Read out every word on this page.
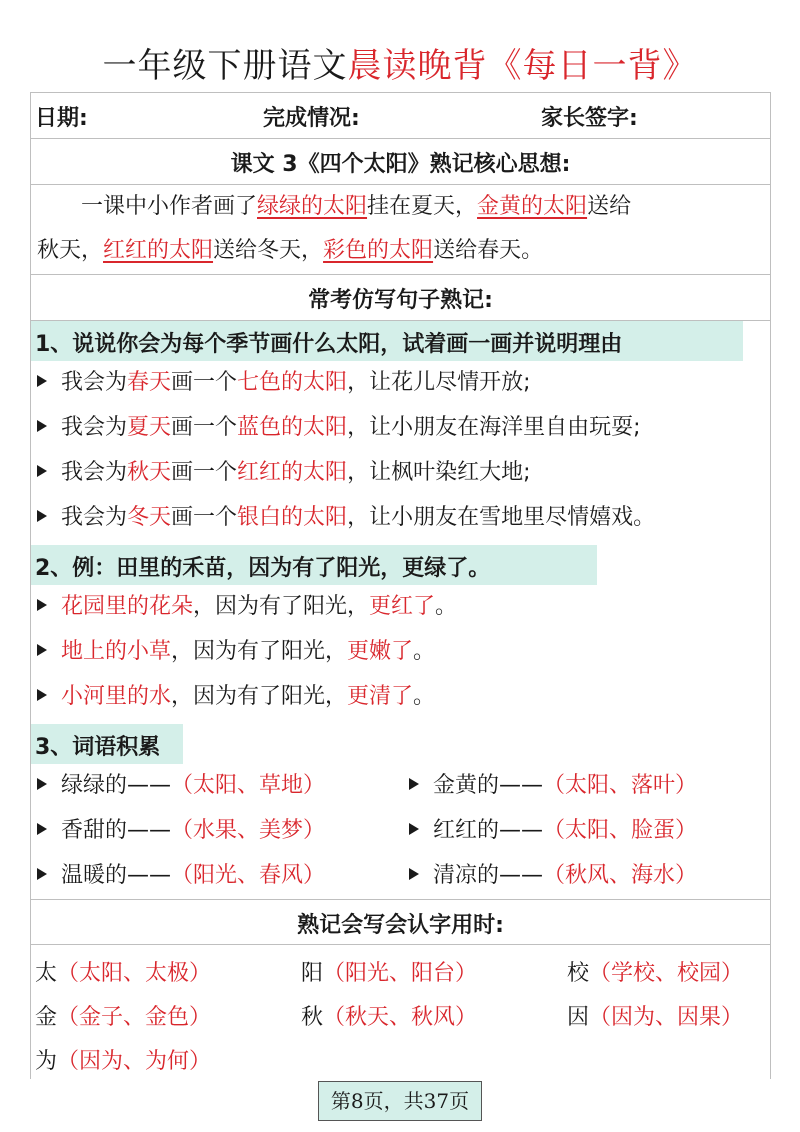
一年级下册语文晨读晚背《每日一背》
日期:	完成情况:	家长签字:
课文 3《四个太阳》熟记核心思想:

一课中小作者画了绿绿的太阳挂在夏天，金黄的太阳送给

秋天，红红的太阳送给冬天，彩色的太阳送给春天。
常考仿写句子熟记:
1、说说你会为每个季节画什么太阳，试着画一画并说明理由
我会为春天画一个七色的太阳，让花儿尽情开放;
我会为夏天画一个蓝色的太阳，让小朋友在海洋里自由玩耍;
我会为秋天画一个红红的太阳，让枫叶染红大地;
我会为冬天画一个银白的太阳，让小朋友在雪地里尽情嬉戏。
2、例：田里的禾苗，因为有了阳光，更绿了。
花园里的花朵，因为有了阳光，更红了。
地上的小草，因为有了阳光，更嫩了。
小河里的水，因为有了阳光，更清了。
3、词语积累
绿绿的——（太阳、草地）	金黄的——（太阳、落叶）
香甜的——（水果、美梦）	红红的——（太阳、脸蛋）
温暖的——（阳光、春风）	清凉的——（秋风、海水）
熟记会写会认字用时:
太（太阳、太极）	阳（阳光、阳台）	校（学校、校园）
金（金子、金色）	秋（秋天、秋风）	因（因为、因果）
为（因为、为何）
第8页，共37页
